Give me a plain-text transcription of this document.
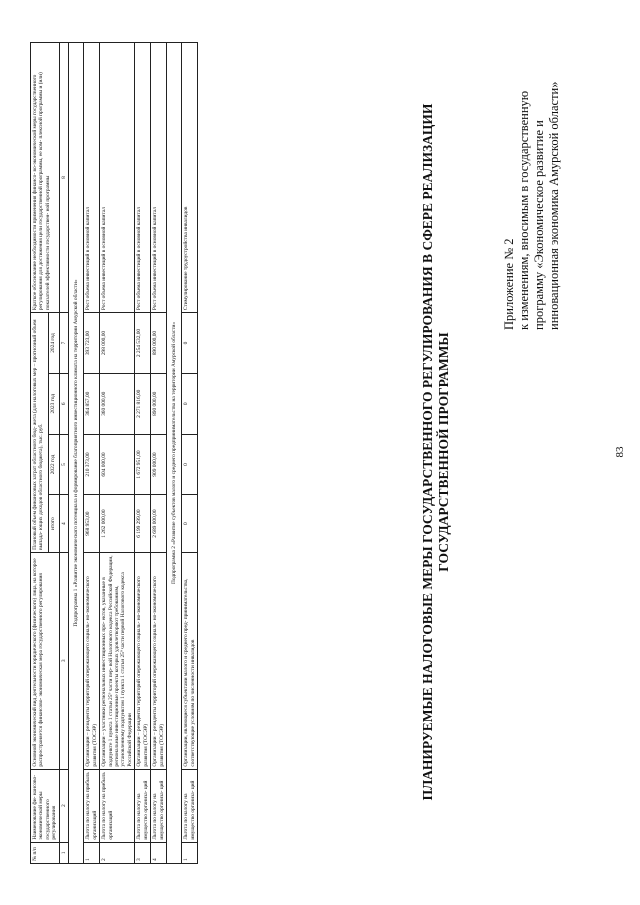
83
Приложение № 2 к изменениям, вносимым в государственную программу «Экономическое развитие и инновационная экономика Амурской области»
ПЛАНИРУЕМЫЕ НАЛОГОВЫЕ МЕРЫ ГОСУДАРСТВЕННОГО РЕГУЛИРОВАНИЯ В СФЕРЕ РЕАЛИЗАЦИИ ГОСУДАРСТВЕННОЙ ПРОГРАММЫ
№ п/п	Наименование фи- нансово- экономической меры государственного регулирования	Основной экономический вид деятельности юридического (физического) лица, на которое распространяется финансово- экономическая мера государственного регулирования	Плановый объем финансовых затрат областного бюд- жета (для налоговых мер – прогнозный объем выпада- ющих доходов областного бюджета), тыс. руб.				Краткое обоснование необходимости применения финансо- во-экономической меры государственного регулирования для достижения цели государственной программы, ее ком- плексной программы и (или) показателей эффективности государствен- ной программы
			итого	2022 год	2023 год	2024 год	
1	2	3	4	5	6	7	8
Подпрограмма 1 «Развитие экономического потенциала и формирование благоприятного инвестиционного климата на территории Амурской области»							
1	Льгота по налогу на прибыль организаций	Организации – резиденты территорий опережающего социаль- но-экономического развития (ТОСЭР)	968 953,00	210 373,00	364 857,00	393 723,00	Рост объема инвестиций в основной капитал
2	Льгота по налогу на прибыль организаций	Организации – участники региональных инвестиционных про- ектов, указанные в подпункте 1 пункта 1 статьи 25⁹ части пер- вой Налогового кодекса Российской Федерации, региональные инвестиционные проекты которых удовлетворяют требованиям, установленному подпунктом 1 пункта 1 статьи 25⁹ части первой Налогового кодекса Российской Федерации	1 262 000,00	604 000,00	360 000,00	298 000,00	Рост объема инвестиций в основной капитал
3	Льгота по налогу на имущество организа- ций	Организации – резиденты территорий опережающего социаль- но-экономического развития (ТОСЭР)	6 199 299,00	1 672 951,00	2 271 816,00	2 254 532,00	Рост объема инвестиций в основной капитал
4	Льгота по налогу на имущество организа- ций	Организации – резиденты территорий опережающего социаль- но-экономического развития (ТОСЭР)	2 689 000,00	909 000,00	890 000,00	890 000,00	Рост объема инвестиций в основной капитал
Подпрограмма 2 «Развитие субъектов малого и среднего предпринимательства на территории Амурской области»							
1	Льгота по налогу на имущество организа- ций	Организации, являющиеся субъектами малого и среднего пред- принимательства, соответствующие условиям по численности инвалидов	0	0	0	0	Стимулирование трудоустройства инвалидов
